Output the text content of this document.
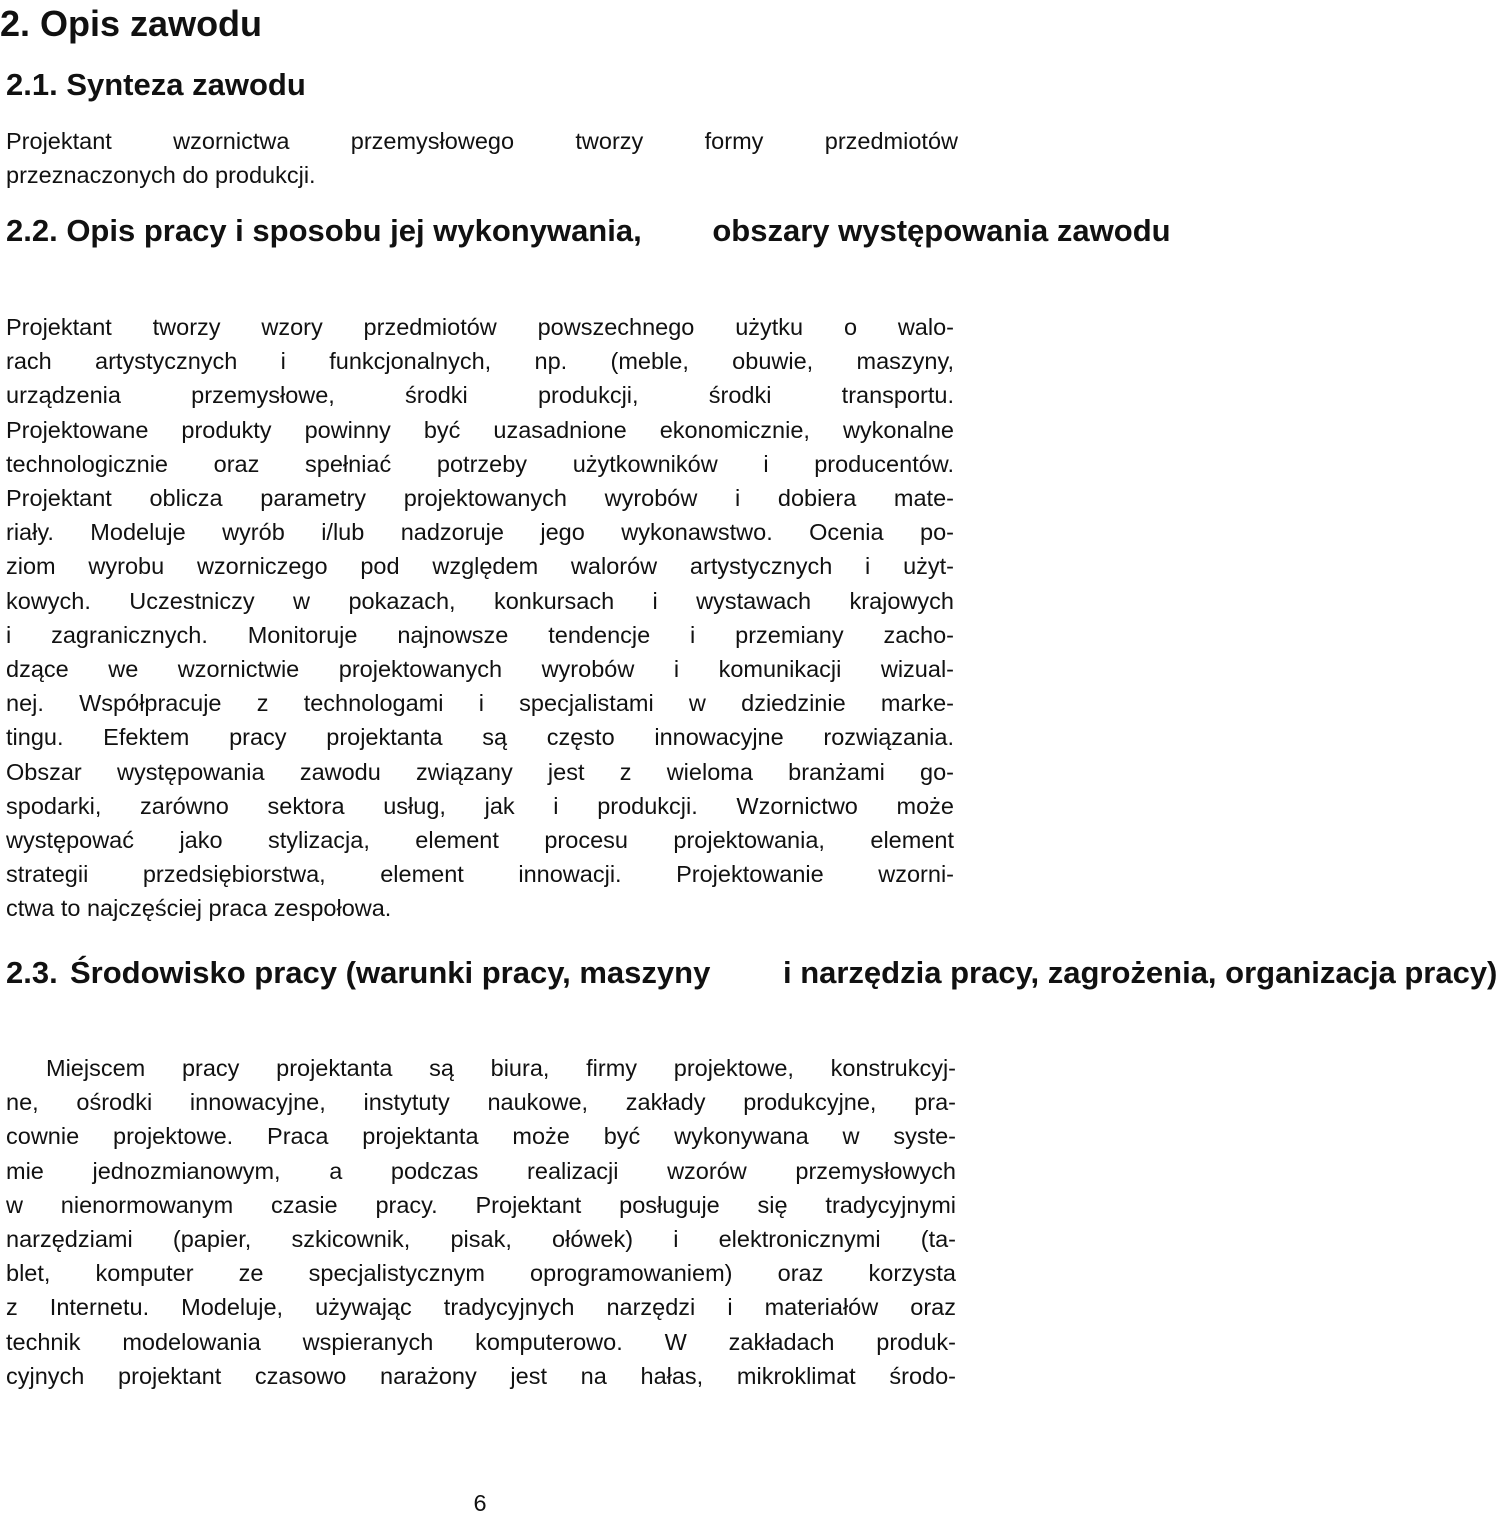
2. Opis zawodu
2.1. Synteza zawodu
Projektant wzornictwa przemysłowego tworzy formy przedmiotów
przeznaczonych do produkcji.
2.2. Opis pracy i sposobu jej wykonywania, obszary występowania zawodu
Projektant tworzy wzory przedmiotów powszechnego użytku o walo-
rach artystycznych i funkcjonalnych, np. (meble, obuwie, maszyny,
urządzenia przemysłowe, środki produkcji, środki transportu.
Projektowane produkty powinny być uzasadnione ekonomicznie, wykonalne
technologicznie oraz spełniać potrzeby użytkowników i producentów.
Projektant oblicza parametry projektowanych wyrobów i dobiera mate-
riały. Modeluje wyrób i/lub nadzoruje jego wykonawstwo. Ocenia po-
ziom wyrobu wzorniczego pod względem walorów artystycznych i użyt-
kowych. Uczestniczy w pokazach, konkursach i wystawach krajowych
i zagranicznych. Monitoruje najnowsze tendencje i przemiany zacho-
dzące we wzornictwie projektowanych wyrobów i komunikacji wizual-
nej. Współpracuje z technologami i specjalistami w dziedzinie marke-
tingu. Efektem pracy projektanta są często innowacyjne rozwiązania.
Obszar występowania zawodu związany jest z wieloma branżami go-
spodarki, zarówno sektora usług, jak i produkcji. Wzornictwo może
występować jako stylizacja, element procesu projektowania, element
strategii przedsiębiorstwa, element innowacji. Projektowanie wzorni-
ctwa to najczęściej praca zespołowa.
2.3. Środowisko pracy (warunki pracy, maszyny i narzędzia pracy, zagrożenia, organizacja pracy)
Miejscem pracy projektanta są biura, firmy projektowe, konstrukcyj-
ne, ośrodki innowacyjne, instytuty naukowe, zakłady produkcyjne, pra-
cownie projektowe. Praca projektanta może być wykonywana w syste-
mie jednozmianowym, a podczas realizacji wzorów przemysłowych
w nienormowanym czasie pracy. Projektant posługuje się tradycyjnymi
narzędziami (papier, szkicownik, pisak, ołówek) i elektronicznymi (ta-
blet, komputer ze specjalistycznym oprogramowaniem) oraz korzysta
z Internetu. Modeluje, używając tradycyjnych narzędzi i materiałów oraz
technik modelowania wspieranych komputerowo. W zakładach produk-
cyjnych projektant czasowo narażony jest na hałas, mikroklimat środo-
6
